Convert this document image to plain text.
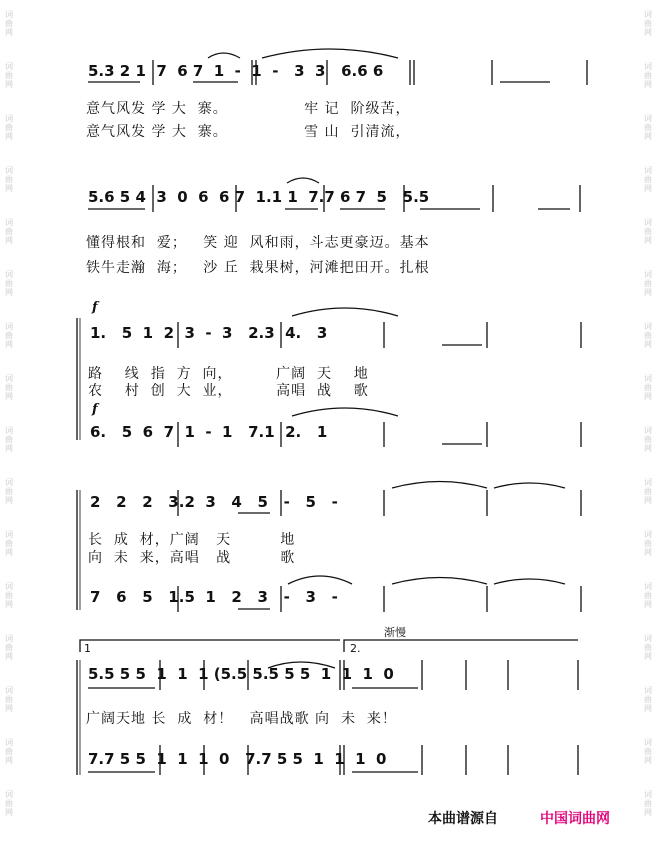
词曲网
词曲网
词曲网
词曲网
词曲网
词曲网
词曲网
词曲网
词曲网
词曲网
词曲网
词曲网
词曲网
词曲网
词曲网
词曲网
词曲网
词曲网
词曲网
词曲网
词曲网
词曲网
词曲网
词曲网
词曲网
词曲网
词曲网
词曲网
词曲网
词曲网
词曲网
词曲网
5.3 2 1  7  6 7  1  -  1  -   3  3   6.6 6
意气风发 学 大  寨。              牢 记  阶级苦，
意气风发 学 大  寨。              雪 山  引清流，
5.6 5 4  3  0  6  6 7  1.1 1  7.7 6 7  5   5.5
懂得根和  爱；   笑 迎  风和雨，斗志更豪迈。基本
铁牛走瀚  海；   沙 丘  栽果树，河滩把田开。扎根
f
1.   5  1  2  3  -  3   2.3  4.   3
路    线  指  方  向，        广阔  天    地
农    村  创  大  业，        高唱  战    歌
f
6.   5  6  7  1  -  1   7.1  2.   1
2   2   2   3.2  3   4   5   -   5   -
长  成  材，广阔   天         地
向  未  来，高唱   战         歌
7   6   5   1.5  1   2   3   -   3   -
渐慢
1	2.
5.5 5 5  1  1  1 (5.5 5.5 5 5  1  1  1  0
广阔天地 长  成  材！   高唱战歌 向  未  来！
7.7 5 5  1  1  1  0   7.7 5 5  1  1  1  0
本曲谱源自	中国词曲网
